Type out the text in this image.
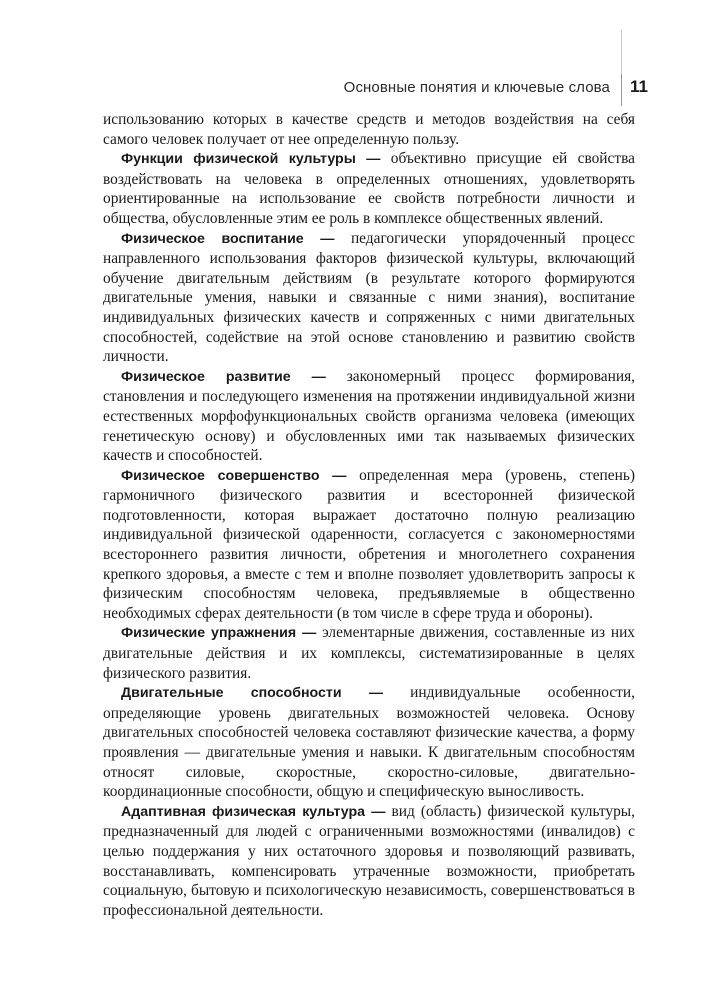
Основные понятия и ключевые слова 11

использованию которых в качестве средств и методов воздействия на себя самого человек получает от нее определенную пользу.

Функции физической культуры — объективно присущие ей свойства воздействовать на человека в определенных отношениях, удовлетворять ориентированные на использование ее свойств потребности личности и общества, обусловленные этим ее роль в комплексе общественных явлений.

Физическое воспитание — педагогически упорядоченный процесс направленного использования факторов физической культуры, включающий обучение двигательным действиям (в результате которого формируются двигательные умения, навыки и связанные с ними знания), воспитание индивидуальных физических качеств и сопряженных с ними двигательных способностей, содействие на этой основе становлению и развитию свойств личности.

Физическое развитие — закономерный процесс формирования, становления и последующего изменения на протяжении индивидуальной жизни естественных морфофункциональных свойств организма человека (имеющих генетическую основу) и обусловленных ими так называемых физических качеств и способностей.

Физическое совершенство — определенная мера (уровень, степень) гармоничного физического развития и всесторонней физической подготовленности, которая выражает достаточно полную реализацию индивидуальной физической одаренности, согласуется с закономерностями всестороннего развития личности, обретения и многолетнего сохранения крепкого здоровья, а вместе с тем и вполне позволяет удовлетворить запросы к физическим способностям человека, предъявляемые в общественно необходимых сферах деятельности (в том числе в сфере труда и обороны).

Физические упражнения — элементарные движения, составленные из них двигательные действия и их комплексы, систематизированные в целях физического развития.

Двигательные способности — индивидуальные особенности, определяющие уровень двигательных возможностей человека. Основу двигательных способностей человека составляют физические качества, а форму проявления — двигательные умения и навыки. К двигательным способностям относят силовые, скоростные, скоростно-силовые, двигательно-координационные способности, общую и специфическую выносливость.

Адаптивная физическая культура — вид (область) физической культуры, предназначенный для людей с ограниченными возможностями (инвалидов) с целью поддержания у них остаточного здоровья и позволяющий развивать, восстанавливать, компенсировать утраченные возможности, приобретать социальную, бытовую и психологическую независимость, совершенствоваться в профессиональной деятельности.
